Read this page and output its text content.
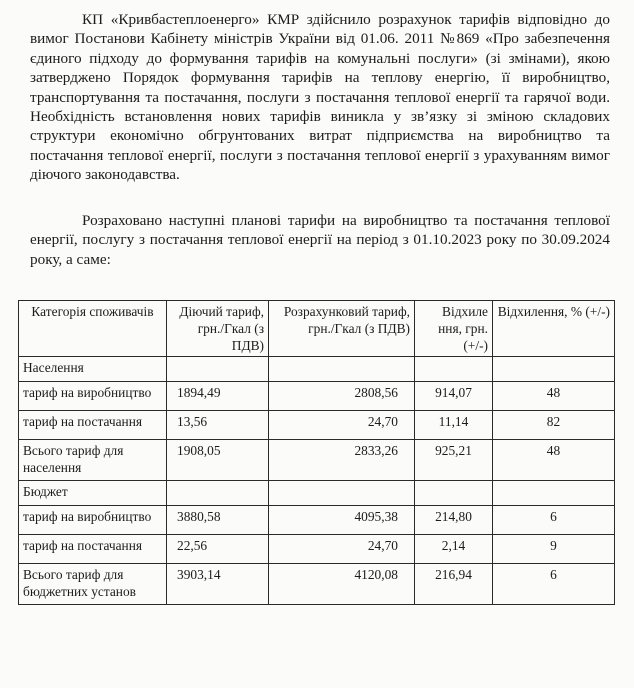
КП «Кривбастеплоенерго» КМР здійснило розрахунок тарифів відповідно до вимог Постанови Кабінету міністрів України від 01.06. 2011 №869 «Про забезпечення єдиного підходу до формування тарифів на комунальні послуги» (зі змінами), якою затверджено Порядок формування тарифів на теплову енергію, її виробництво, транспортування та постачання, послуги з постачання теплової енергії та гарячої води. Необхідність встановлення нових тарифів виникла у зв’язку зі зміною складових структури економічно обгрунтованих витрат підприємства на виробництво та постачання теплової енергії, послуги з постачання теплової енергії з урахуванням вимог діючого законодавства.

Розраховано наступні планові тарифи на виробництво та постачання теплової енергії, послугу з постачання теплової енергії на період з 01.10.2023 року по 30.09.2024 року, а саме:

Категорія споживачів	Діючий тариф, грн./Гкал (з ПДВ)	Розрахунковий тариф, грн./Гкал (з ПДВ)	Відхиле ння, грн. (+/-)	Відхилення, % (+/-)
Населення				
тариф на виробництво	1894,49	2808,56	914,07	48
тариф на постачання	13,56	24,70	11,14	82
Всього тариф для населення	1908,05	2833,26	925,21	48
Бюджет				
тариф на виробництво	3880,58	4095,38	214,80	6
тариф на постачання	22,56	24,70	2,14	9
Всього тариф для бюджетних установ	3903,14	4120,08	216,94	6
